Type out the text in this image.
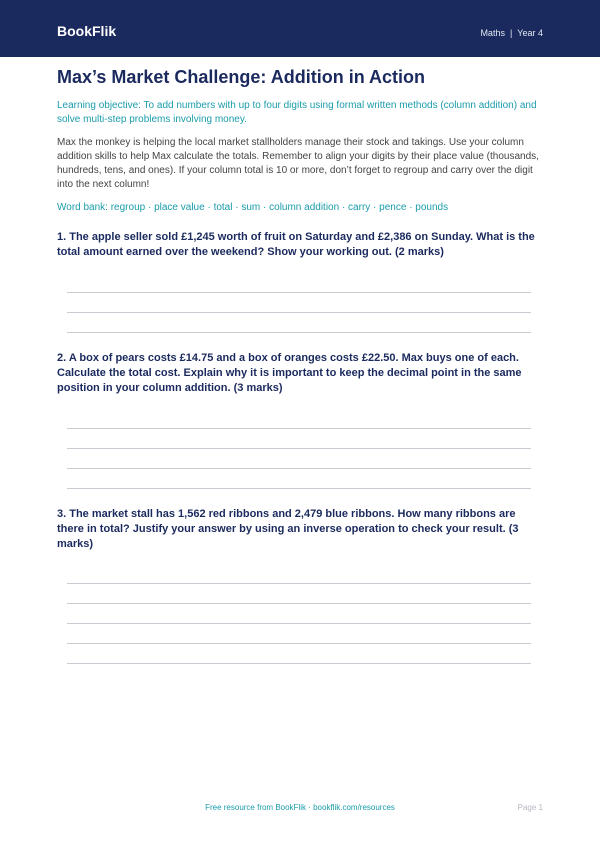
BookFlik	Maths | Year 4
Max’s Market Challenge: Addition in Action

Learning objective: To add numbers with up to four digits using formal written methods (column addition) and solve multi-step problems involving money.

Max the monkey is helping the local market stallholders manage their stock and takings. Use your column addition skills to help Max calculate the totals. Remember to align your digits by their place value (thousands, hundreds, tens, and ones). If your column total is 10 or more, don’t forget to regroup and carry over the digit into the next column!

Word bank: regroup · place value · total · sum · column addition · carry · pence · pounds

1. The apple seller sold £1,245 worth of fruit on Saturday and £2,386 on Sunday. What is the total amount earned over the weekend? Show your working out. (2 marks)

2. A box of pears costs £14.75 and a box of oranges costs £22.50. Max buys one of each. Calculate the total cost. Explain why it is important to keep the decimal point in the same position in your column addition. (3 marks)

3. The market stall has 1,562 red ribbons and 2,479 blue ribbons. How many ribbons are there in total? Justify your answer by using an inverse operation to check your result. (3 marks)

Free resource from BookFlik · bookflik.com/resources	Page 1
